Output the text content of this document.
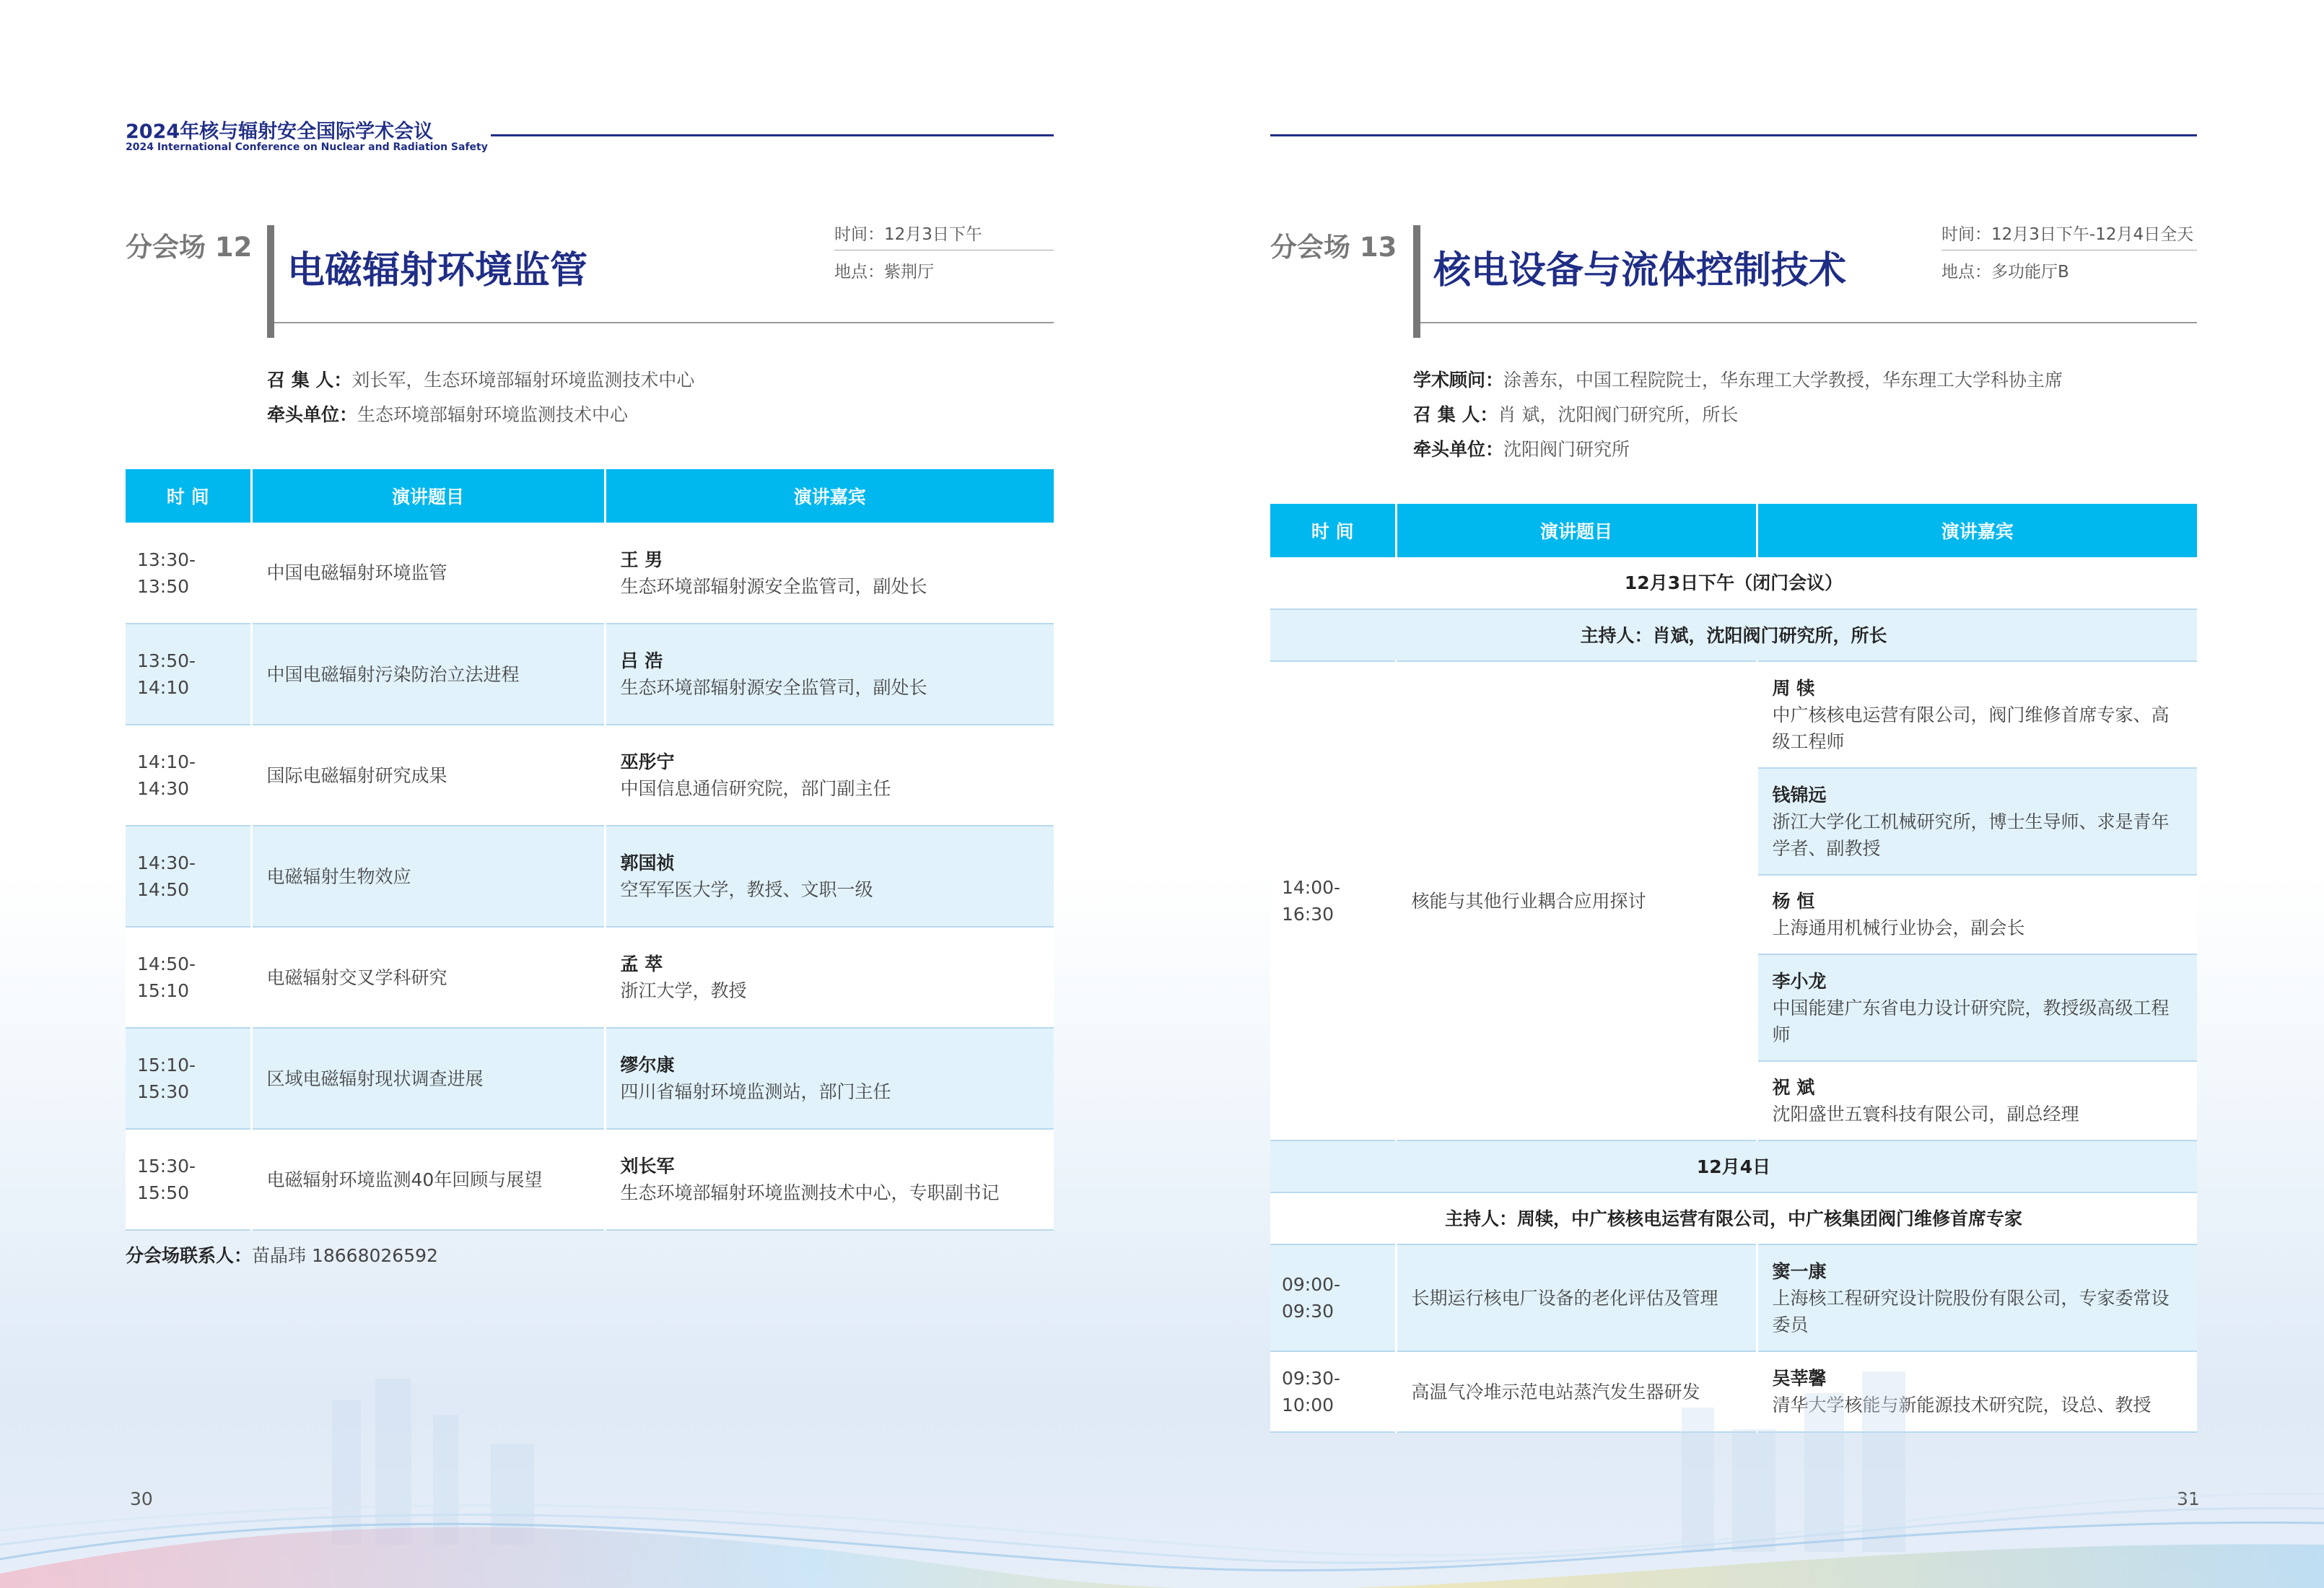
2024年核与辐射安全国际学术会议
2024 International Conference on Nuclear and Radiation Safety
分会场 12
电磁辐射环境监管
时间：12月3日下午
地点：紫荆厅
召 集 人：刘长军，生态环境部辐射环境监测技术中心
牵头单位：生态环境部辐射环境监测技术中心
时 间	演讲题目	演讲嘉宾
13:30-13:50	中国电磁辐射环境监管	王 男
生态环境部辐射源安全监管司，副处长

13:50-14:10	中国电磁辐射污染防治立法进程	吕 浩
生态环境部辐射源安全监管司，副处长

14:10-14:30	国际电磁辐射研究成果	巫彤宁
中国信息通信研究院，部门副主任

14:30-14:50	电磁辐射生物效应	郭国祯
空军军医大学，教授、文职一级

14:50-15:10	电磁辐射交叉学科研究	孟 萃
浙江大学，教授

15:10-15:30	区域电磁辐射现状调查进展	缪尔康
四川省辐射环境监测站，部门主任

15:30-15:50	电磁辐射环境监测40年回顾与展望	刘长军
生态环境部辐射环境监测技术中心，专职副书记
分会场联系人：苗晶玮 18668026592
30
分会场 13
核电设备与流体控制技术
时间：12月3日下午-12月4日全天
地点：多功能厅B
学术顾问：涂善东，中国工程院院士，华东理工大学教授，华东理工大学科协主席
召 集 人：肖 斌，沈阳阀门研究所，所长
牵头单位：沈阳阀门研究所
时 间	演讲题目	演讲嘉宾
12月3日下午（闭门会议）		
主持人：肖斌，沈阳阀门研究所，所长		
14:00-16:30	核能与其他行业耦合应用探讨	周 犊
中广核核电运营有限公司，阀门维修首席专家、高级工程师

		钱锦远
浙江大学化工机械研究所，博士生导师、求是青年学者、副教授

		杨 恒
上海通用机械行业协会，副会长

		李小龙
中国能建广东省电力设计研究院，教授级高级工程师

		祝 斌
沈阳盛世五寰科技有限公司，副总经理

12月4日		
主持人：周犊，中广核核电运营有限公司，中广核集团阀门维修首席专家		
09:00-09:30	长期运行核电厂设备的老化评估及管理	窦一康
上海核工程研究设计院股份有限公司，专家委常设委员

09:30-10:00	高温气冷堆示范电站蒸汽发生器研发	吴莘馨
清华大学核能与新能源技术研究院，设总、教授
31
